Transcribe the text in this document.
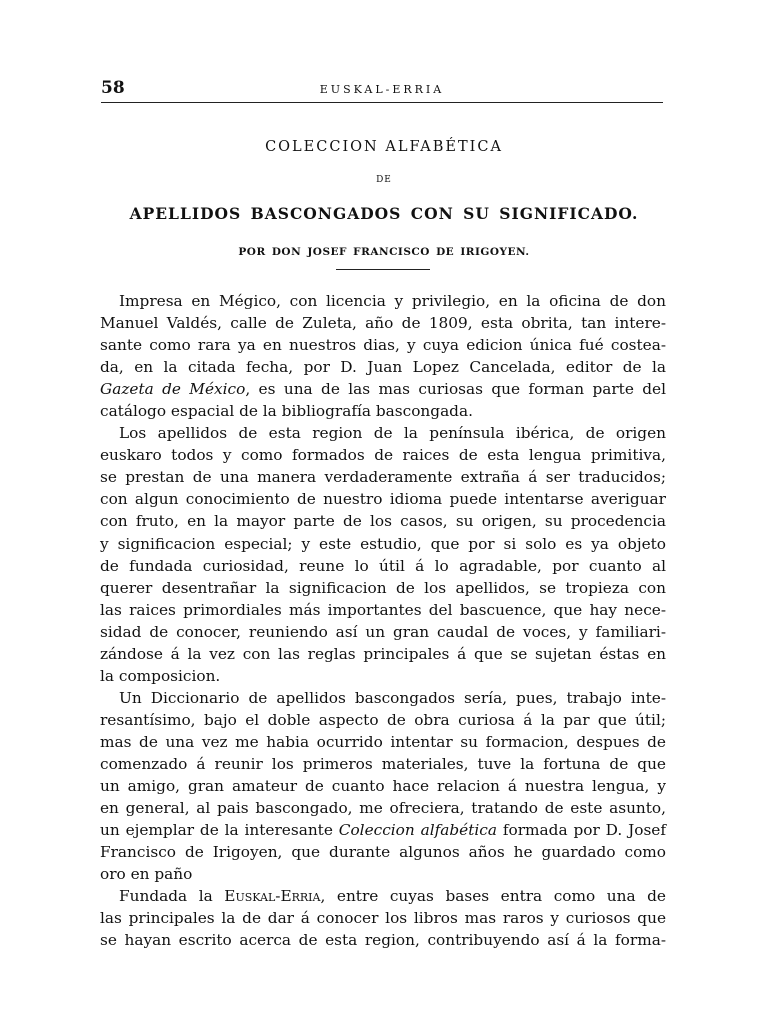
58	EUSKAL-ERRIA
COLECCION ALFABÉTICA
DE
APELLIDOS BASCONGADOS CON SU SIGNIFICADO.
POR DON JOSEF FRANCISCO DE IRIGOYEN.
Impresa en Mégico, con licencia y privilegio, en la oficina de don
Manuel Valdés, calle de Zuleta, año de 1809, esta obrita, tan intere-
sante como rara ya en nuestros dias, y cuya edicion única fué costea-
da, en la citada fecha, por D. Juan Lopez Cancelada, editor de la
Gazeta de México, es una de las mas curiosas que forman parte del
catálogo espacial de la bibliografía bascongada.
Los apellidos de esta region de la península ibérica, de origen
euskaro todos y como formados de raices de esta lengua primitiva,
se prestan de una manera verdaderamente extraña á ser traducidos;
con algun conocimiento de nuestro idioma puede intentarse averiguar
con fruto, en la mayor parte de los casos, su origen, su procedencia
y significacion especial; y este estudio, que por si solo es ya objeto
de fundada curiosidad, reune lo útil á lo agradable, por cuanto al
querer desentrañar la significacion de los apellidos, se tropieza con
las raices primordiales más importantes del bascuence, que hay nece-
sidad de conocer, reuniendo así un gran caudal de voces, y familiari-
zándose á la vez con las reglas principales á que se sujetan éstas en
la composicion.
Un Diccionario de apellidos bascongados sería, pues, trabajo inte-
resantísimo, bajo el doble aspecto de obra curiosa á la par que útil;
mas de una vez me habia ocurrido intentar su formacion, despues de
comenzado á reunir los primeros materiales, tuve la fortuna de que
un amigo, gran amateur de cuanto hace relacion á nuestra lengua, y
en general, al pais bascongado, me ofreciera, tratando de este asunto,
un ejemplar de la interesante Coleccion alfabética formada por D. Josef
Francisco de Irigoyen, que durante algunos años he guardado como
oro en paño
Fundada la Euskal-Erria, entre cuyas bases entra como una de
las principales la de dar á conocer los libros mas raros y curiosos que
se hayan escrito acerca de esta region, contribuyendo así á la forma-
